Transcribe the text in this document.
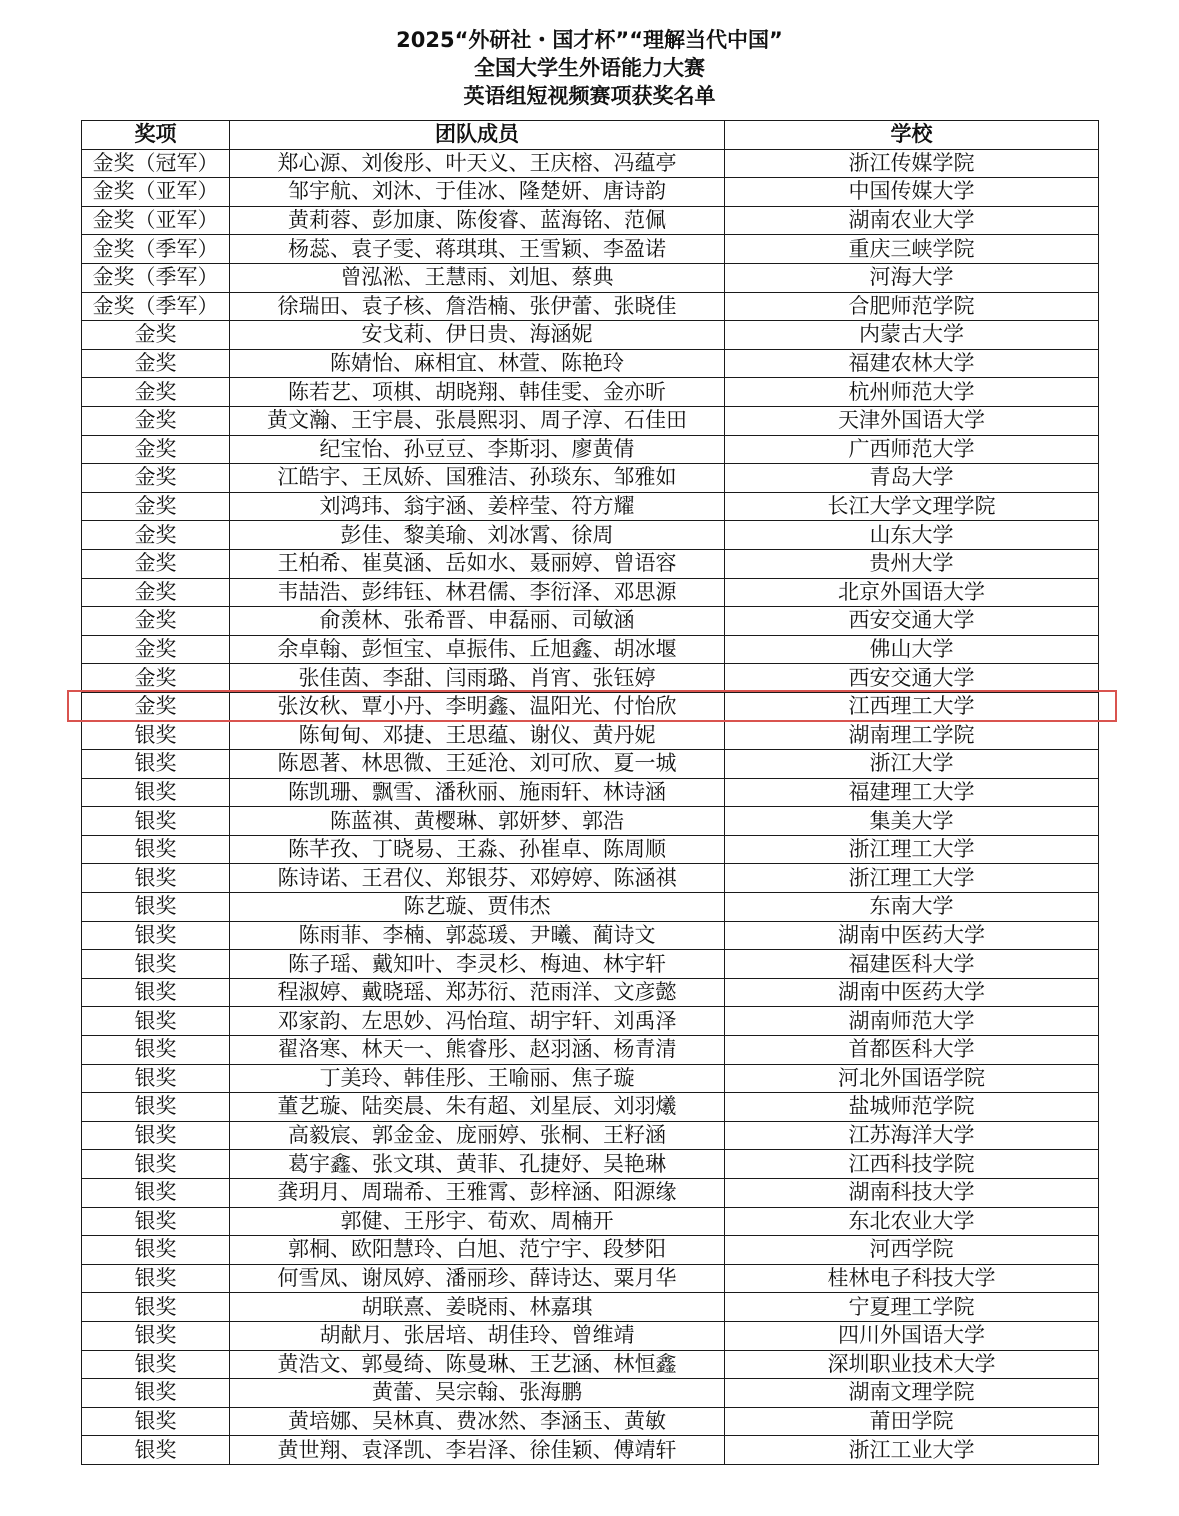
2025“外研社・国才杯”“理解当代中国”
全国大学生外语能力大赛
英语组短视频赛项获奖名单
奖项	团队成员	学校
金奖（冠军）	郑心源、刘俊彤、叶天义、王庆榕、冯蕴亭	浙江传媒学院
金奖（亚军）	邹宇航、刘沐、于佳冰、隆楚妍、唐诗韵	中国传媒大学
金奖（亚军）	黄莉蓉、彭加康、陈俊睿、蓝海铭、范佩	湖南农业大学
金奖（季军）	杨蕊、袁子雯、蒋琪琪、王雪颖、李盈诺	重庆三峡学院
金奖（季军）	曾泓淞、王慧雨、刘旭、蔡典	河海大学
金奖（季军）	徐瑞田、袁子核、詹浩楠、张伊蕾、张晓佳	合肥师范学院
金奖	安戈莉、伊日贵、海涵妮	内蒙古大学
金奖	陈婧怡、麻相宜、林萱、陈艳玲	福建农林大学
金奖	陈若艺、项棋、胡晓翔、韩佳雯、金亦昕	杭州师范大学
金奖	黄文瀚、王宇晨、张晨熙羽、周子淳、石佳田	天津外国语大学
金奖	纪宝怡、孙豆豆、李斯羽、廖黄倩	广西师范大学
金奖	江皓宇、王凤娇、国雅洁、孙琰东、邹雅如	青岛大学
金奖	刘鸿玮、翁宇涵、姜梓莹、符方耀	长江大学文理学院
金奖	彭佳、黎美瑜、刘冰霄、徐周	山东大学
金奖	王柏希、崔莫涵、岳如水、聂丽婷、曾语容	贵州大学
金奖	韦喆浩、彭纬钰、林君儒、李衍泽、邓思源	北京外国语大学
金奖	俞羡林、张希晋、申磊丽、司敏涵	西安交通大学
金奖	余卓翰、彭恒宝、卓振伟、丘旭鑫、胡冰堰	佛山大学
金奖	张佳茵、李甜、闫雨璐、肖宵、张钰婷	西安交通大学
金奖	张汝秋、覃小丹、李明鑫、温阳光、付怡欣	江西理工大学
银奖	陈甸甸、邓捷、王思蕴、谢仪、黄丹妮	湖南理工学院
银奖	陈恩著、林思微、王延沧、刘可欣、夏一城	浙江大学
银奖	陈凯珊、飘雪、潘秋丽、施雨轩、林诗涵	福建理工大学
银奖	陈蓝祺、黄樱琳、郭妍梦、郭浩	集美大学
银奖	陈芊孜、丁晓易、王淼、孙崔卓、陈周顺	浙江理工大学
银奖	陈诗诺、王君仪、郑银芬、邓婷婷、陈涵祺	浙江理工大学
银奖	陈艺璇、贾伟杰	东南大学
银奖	陈雨菲、李楠、郭蕊瑗、尹曦、蔺诗文	湖南中医药大学
银奖	陈子瑶、戴知叶、李灵杉、梅迪、林宇轩	福建医科大学
银奖	程淑婷、戴晓瑶、郑苏衍、范雨洋、文彦懿	湖南中医药大学
银奖	邓家韵、左思妙、冯怡瑄、胡宇轩、刘禹泽	湖南师范大学
银奖	翟洛寒、林天一、熊睿彤、赵羽涵、杨青清	首都医科大学
银奖	丁美玲、韩佳彤、王喻丽、焦子璇	河北外国语学院
银奖	董艺璇、陆奕晨、朱有超、刘星辰、刘羽爔	盐城师范学院
银奖	高毅宸、郭金金、庞丽婷、张桐、王籽涵	江苏海洋大学
银奖	葛宇鑫、张文琪、黄菲、孔捷妤、吴艳琳	江西科技学院
银奖	龚玥月、周瑞希、王雅霄、彭梓涵、阳源缘	湖南科技大学
银奖	郭健、王彤宇、荀欢、周楠开	东北农业大学
银奖	郭桐、欧阳慧玲、白旭、范宁宇、段梦阳	河西学院
银奖	何雪凤、谢凤婷、潘丽珍、薛诗达、粟月华	桂林电子科技大学
银奖	胡联熹、姜晓雨、林嘉琪	宁夏理工学院
银奖	胡献月、张居培、胡佳玲、曾维靖	四川外国语大学
银奖	黄浩文、郭曼绮、陈曼琳、王艺涵、林恒鑫	深圳职业技术大学
银奖	黄蕾、吴宗翰、张海鹏	湖南文理学院
银奖	黄培娜、吴林真、费冰然、李涵玉、黄敏	莆田学院
银奖	黄世翔、袁泽凯、李岩泽、徐佳颖、傅靖轩	浙江工业大学
